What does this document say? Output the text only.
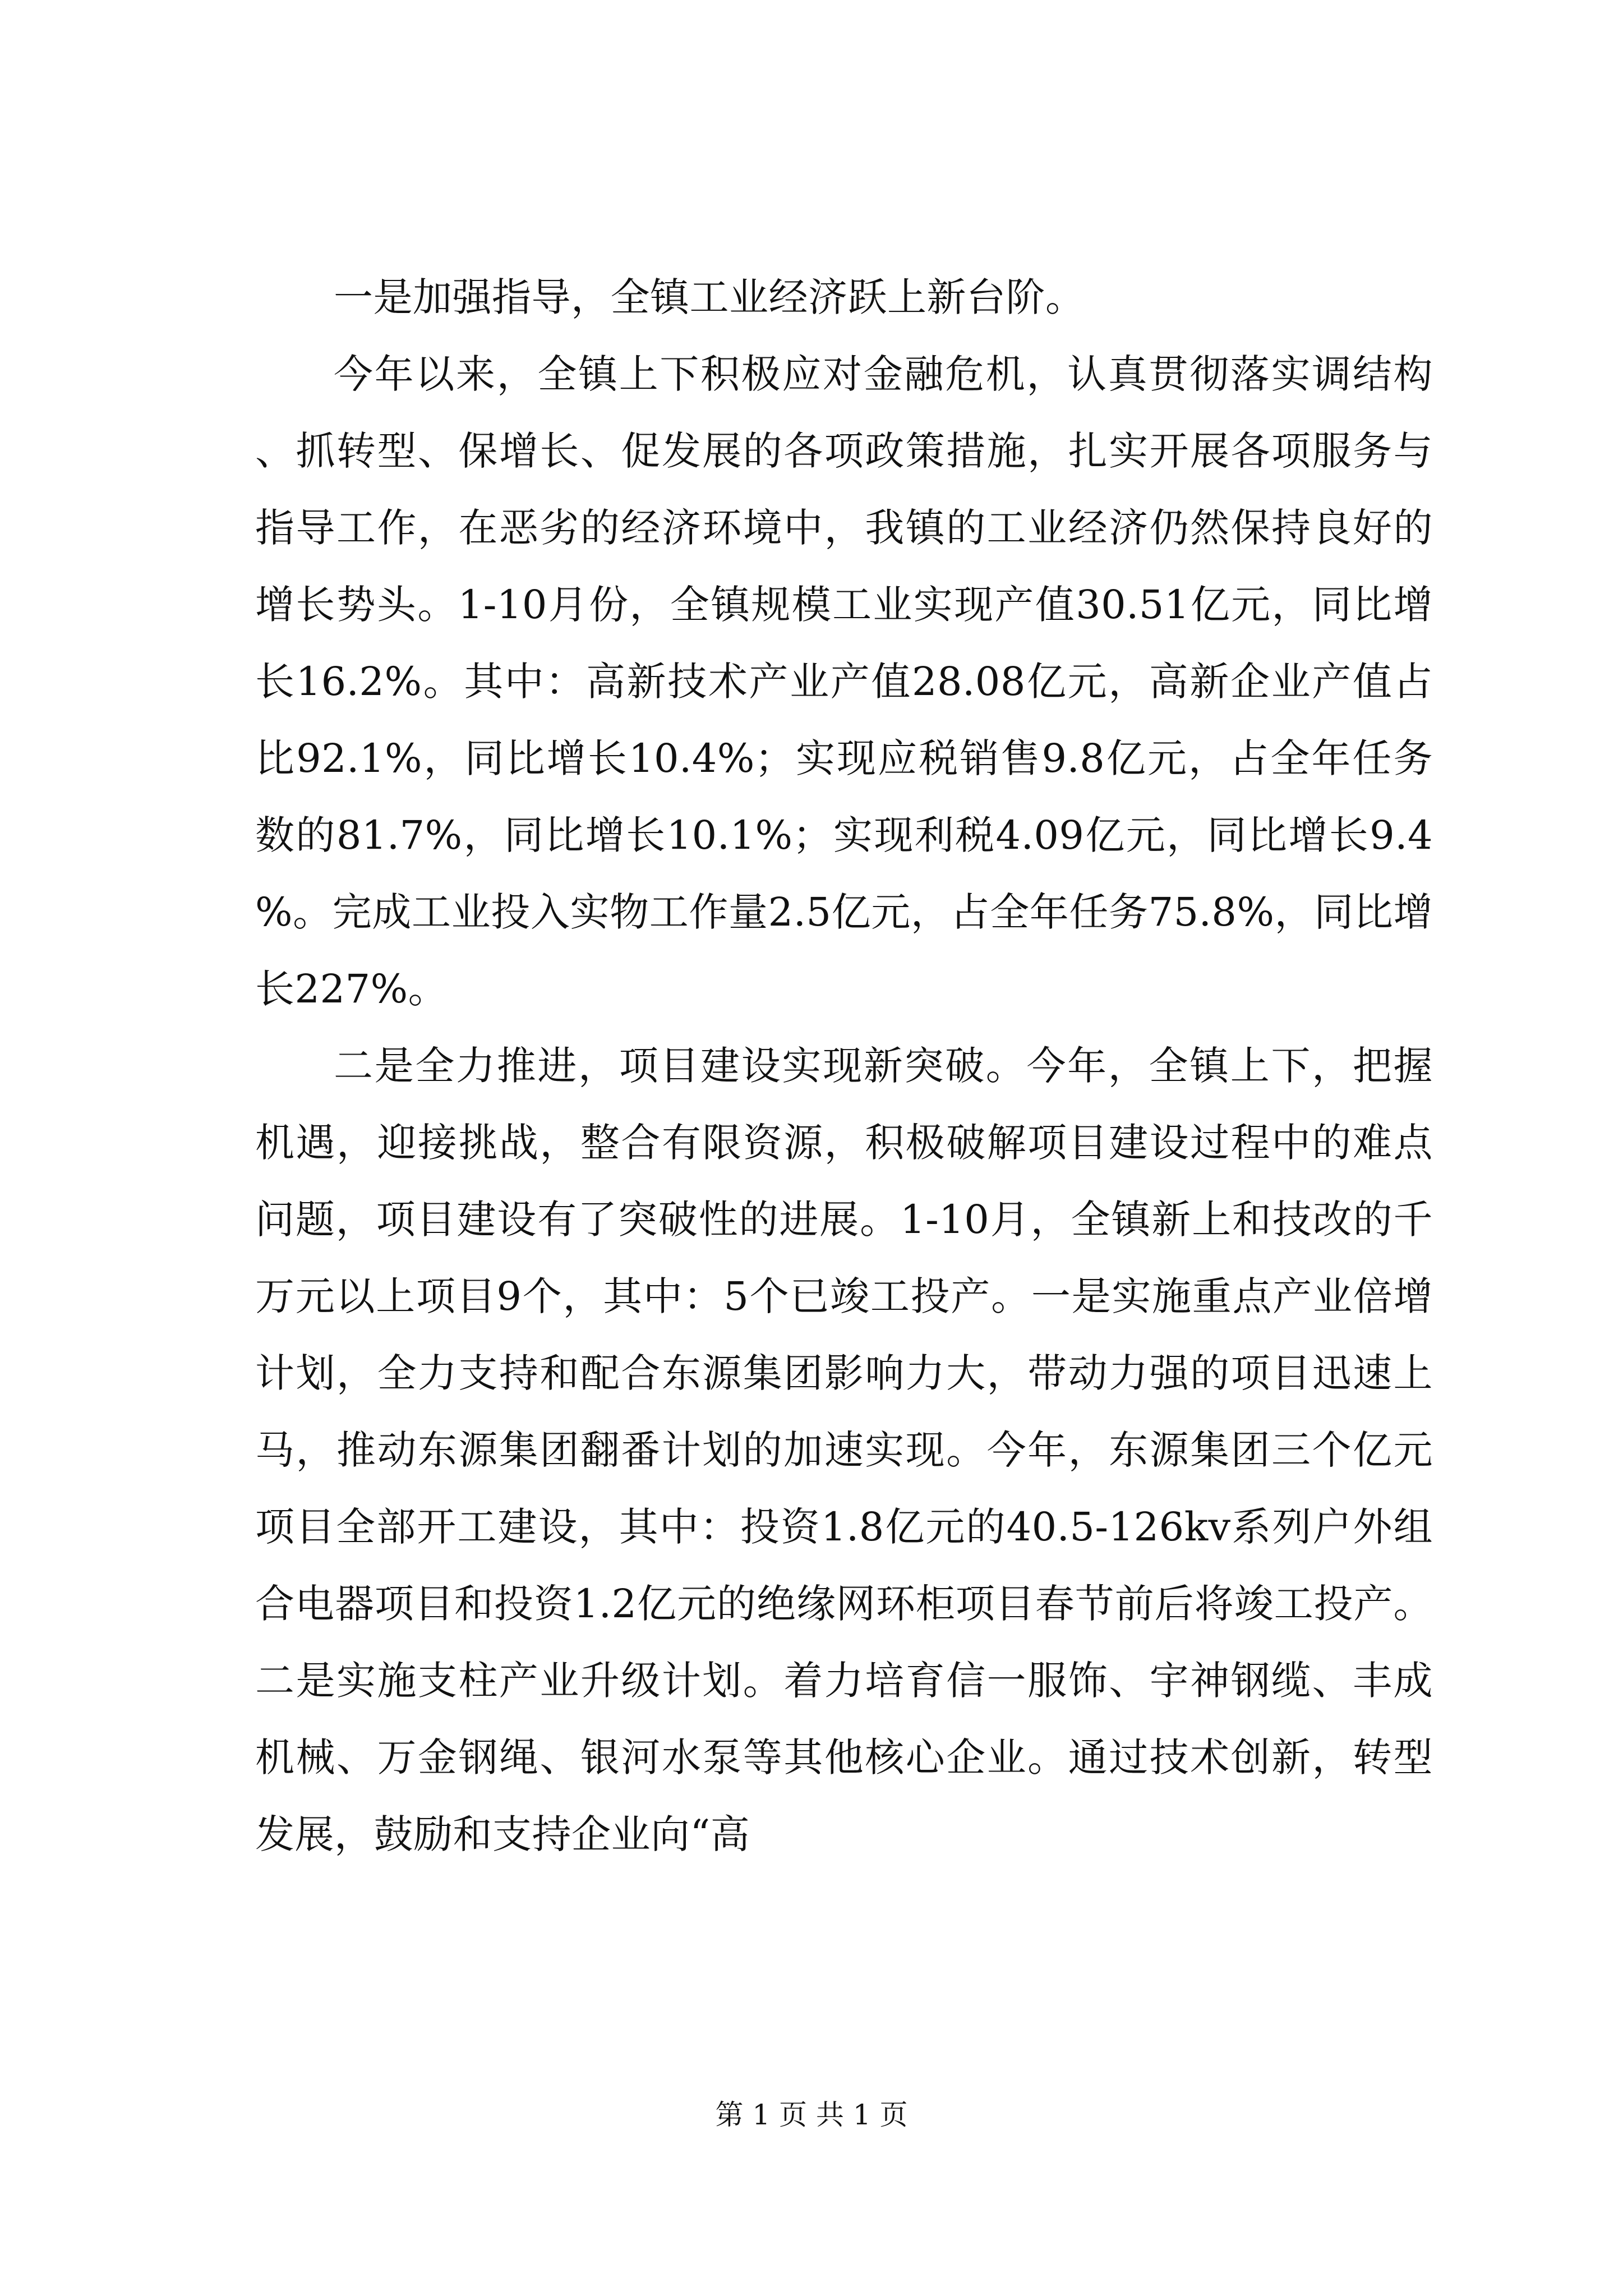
一是加强指导，全镇工业经济跃上新台阶。

今年以来，全镇上下积极应对金融危机，认真贯彻落实调结构、抓转型、保增长、促发展的各项政策措施，扎实开展各项服务与指导工作，在恶劣的经济环境中，我镇的工业经济仍然保持良好的增长势头。1-10月份，全镇规模工业实现产值30.51亿元，同比增长16.2%。其中：高新技术产业产值28.08亿元，高新企业产值占比92.1%，同比增长10.4%；实现应税销售9.8亿元，占全年任务数的81.7%，同比增长10.1%；实现利税4.09亿元，同比增长9.4%。完成工业投入实物工作量2.5亿元，占全年任务75.8%，同比增长227%。

二是全力推进，项目建设实现新突破。今年，全镇上下，把握机遇，迎接挑战，整合有限资源，积极破解项目建设过程中的难点问题，项目建设有了突破性的进展。1-10月，全镇新上和技改的千万元以上项目9个，其中：5个已竣工投产。一是实施重点产业倍增计划，全力支持和配合东源集团影响力大，带动力强的项目迅速上马，推动东源集团翻番计划的加速实现。今年，东源集团三个亿元项目全部开工建设，其中：投资1.8亿元的40.5-126kv系列户外组合电器项目和投资1.2亿元的绝缘网环柜项目春节前后将竣工投产。二是实施支柱产业升级计划。着力培育信一服饰、宇神钢缆、丰成机械、万金钢绳、银河水泵等其他核心企业。通过技术创新，转型发展，鼓励和支持企业向“高

第 1 页 共 1 页
